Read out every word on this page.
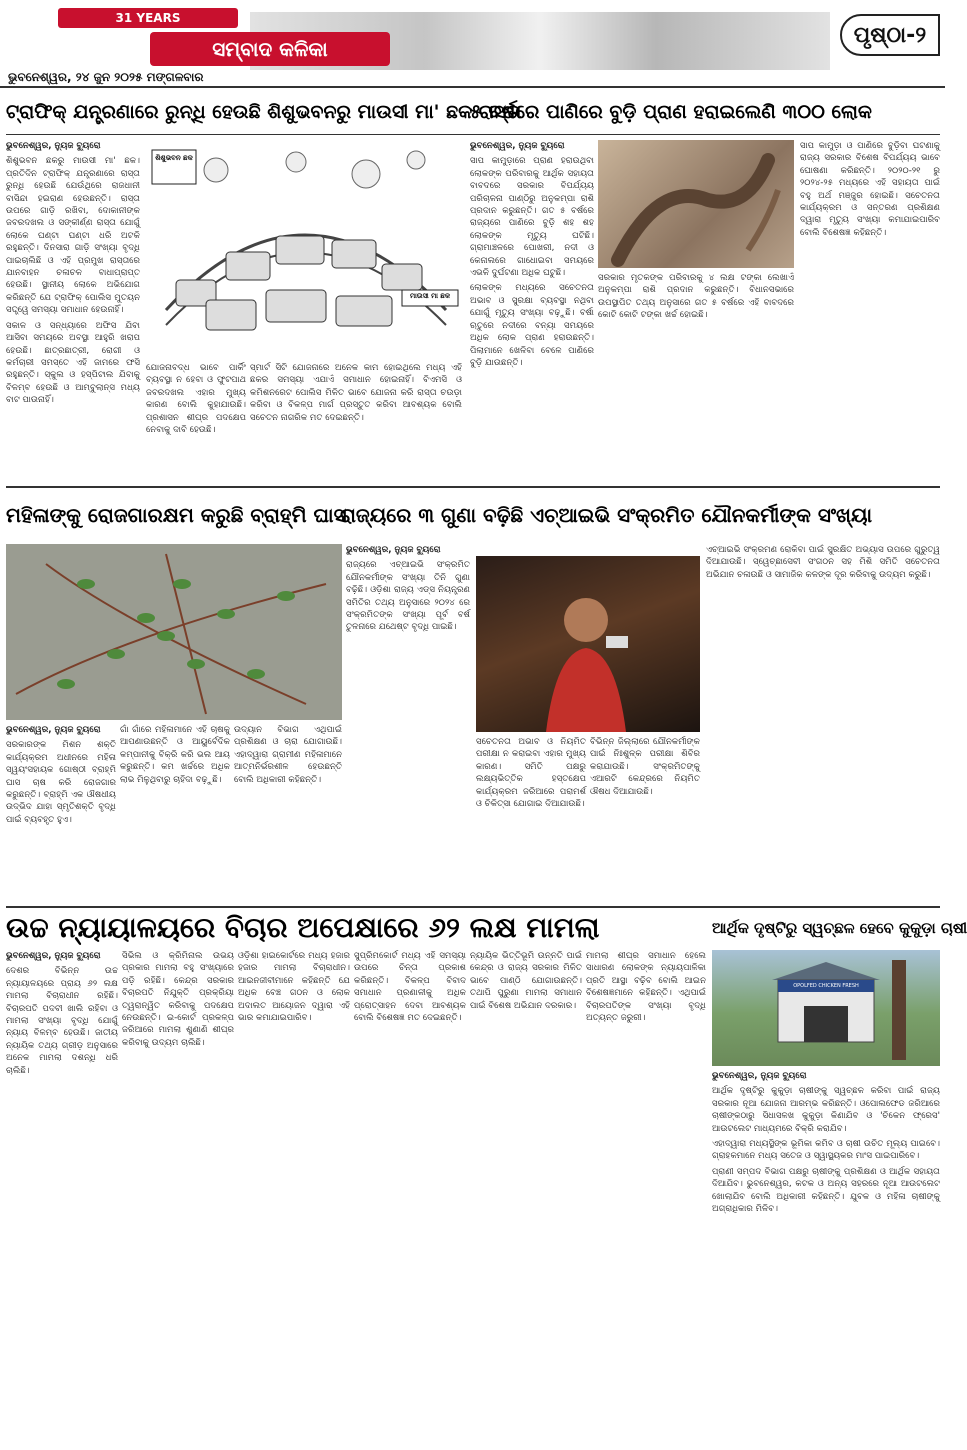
31 YEARS
ସମ୍ବାଦ କଳିକା
ଭୁବନେଶ୍ୱର, ୨୪ ଜୁନ ୨୦୨୫ ମଙ୍ଗଳବାର
ପୃଷ୍ଠା-୨
ଟ୍ରାଫିକ୍ ଯନ୍ତ୍ରଣାରେ ରୁନ୍ଧି ହେଉଛି ଶିଶୁଭବନରୁ ମାଉସୀ ମା' ଛକ ରାସ୍ତା
୫ ବର୍ଷରେ ପାଣିରେ ବୁଡ଼ି ପ୍ରାଣ ହରାଇଲେଣି ୩୦୦ ଲୋକ

ଭୁବନେଶ୍ୱର, ନ୍ୟୁଜ ବ୍ୟୁରୋ

ଶିଶୁଭବନ ଛକରୁ ମାଉସୀ ମା' ଛକ। ପ୍ରତିଦିନ ଟ୍ରାଫିକ୍ ଯନ୍ତ୍ରଣାରେ ରାସ୍ତା ରୁନ୍ଧି ହେଉଛି ଯେଉଁଥିରେ ରାଜଧାନୀ ବାସିନ୍ଦା ହଇରାଣ ହେଉଛନ୍ତି। ରାସ୍ତା ଉପରେ ଗାଡ଼ି ରଖିବା, ଦୋକାନୀଙ୍କ ଜବରଦଖଲ ଓ ସଙ୍କୀର୍ଣ୍ଣ ରାସ୍ତା ଯୋଗୁଁ ଲୋକେ ଘଣ୍ଟା ଘଣ୍ଟା ଧରି ଅଟକି ରହୁଛନ୍ତି। ଦିନସାରା ଗାଡ଼ି ସଂଖ୍ୟା ବୃଦ୍ଧି ପାଇଚାଲିଛି ଓ ଏହି ପ୍ରମୁଖ ରାସ୍ତାରେ ଯାନବାହନ ଚଳାଚଳ ବାଧାପ୍ରାପ୍ତ ହେଉଛି। ସ୍ଥାନୀୟ ଲୋକେ ଅଭିଯୋଗ କରିଛନ୍ତି ଯେ ଟ୍ରାଫିକ୍ ପୋଲିସ ମୁତୟନ ସତ୍ତ୍ୱେ ସମସ୍ୟା ସମାଧାନ ହେଉନାହିଁ।

ସକାଳ ଓ ସନ୍ଧ୍ୟାରେ ଅଫିସ ଯିବା ଆସିବା ସମୟରେ ଅବସ୍ଥା ଆହୁରି ଖରାପ ହେଉଛି। ଛାତ୍ରଛାତ୍ରୀ, ରୋଗୀ ଓ କର୍ମଚାରୀ ସମସ୍ତେ ଏହି ଜାମରେ ଫସି ରହୁଛନ୍ତି। ସ୍କୁଲ ଓ ହସ୍ପିଟାଲ ଯିବାକୁ ବିଳମ୍ବ ହେଉଛି ଓ ଆମ୍ବୁଲାନ୍ସ ମଧ୍ୟ ବାଟ ପାଉନାହିଁ।

ଶିଶୁଭବନ ଛକ
ମାଉସୀ ମା ଛକ

ଯୋଜନାବଦ୍ଧ ଭାବେ ପାର୍କିଂ ବ୍ୟବସ୍ଥା ନ ହେବା ଓ ଫୁଟପାଥ ଜବରଦଖଲ ଏହାର ମୁଖ୍ୟ କାରଣ ବୋଲି କୁହାଯାଉଛି। ପ୍ରଶାସନ ଶୀଘ୍ର ପଦକ୍ଷେପ ନେବାକୁ ଦାବି ହେଉଛି।

ସ୍ମାର୍ଟ ସିଟି ଯୋଜନାରେ ଅନେକ କାମ ହୋଇଥିଲେ ମଧ୍ୟ ଏହି ଛକର ସମସ୍ୟା ଏଯାଏଁ ସମାଧାନ ହୋଇନାହିଁ। ବିଏମସି ଓ କମିଶନରେଟ ପୋଲିସ ମିଳିତ ଭାବେ ଯୋଜନା କରି ରାସ୍ତା ଚଉଡ଼ା କରିବା ଓ ବିକଳ୍ପ ମାର୍ଗ ପ୍ରସ୍ତୁତ କରିବା ଆବଶ୍ୟକ ବୋଲି ସଚେତନ ନାଗରିକ ମତ ଦେଇଛନ୍ତି।

ଭୁବନେଶ୍ୱର, ନ୍ୟୁଜ ବ୍ୟୁରୋ

ସାପ କାମୁଡ଼ାରେ ପ୍ରାଣ ହରାଉଥିବା ଲୋକଙ୍କ ପରିବାରକୁ ଆର୍ଥିକ ସହାୟତା ବାବଦରେ ସରକାର ବିପର୍ଯ୍ୟୟ ପରିଚାଳନା ପାଣ୍ଠିରୁ ଅନୁକମ୍ପା ରାଶି ପ୍ରଦାନ କରୁଛନ୍ତି। ଗତ ୫ ବର୍ଷରେ ରାଜ୍ୟରେ ପାଣିରେ ବୁଡ଼ି ଶହ ଶହ ଲୋକଙ୍କ ମୃତ୍ୟୁ ଘଟିଛି। ଗ୍ରାମାଞ୍ଚଳରେ ପୋଖରୀ, ନଦୀ ଓ କେନାଲରେ ଗାଧୋଇବା ସମୟରେ ଏଭଳି ଦୁର୍ଘଟଣା ଅଧିକ ଘଟୁଛି।

ଲୋକଙ୍କ ମଧ୍ୟରେ ସଚେତନତା ଅଭାବ ଓ ସୁରକ୍ଷା ବ୍ୟବସ୍ଥା ନଥିବା ଯୋଗୁଁ ମୃତ୍ୟୁ ସଂଖ୍ୟା ବଢ଼ୁଛି। ବର୍ଷା ଋତୁରେ ନଦୀରେ ବନ୍ୟା ସମୟରେ ଅଧିକ ଲୋକ ପ୍ରାଣ ହରାଉଛନ୍ତି। ପିଲାମାନେ ଖେଳିବା ବେଳେ ପାଣିରେ ବୁଡ଼ି ଯାଉଛନ୍ତି।

ସରକାର ମୃତକଙ୍କ ପରିବାରକୁ ୪ ଲକ୍ଷ ଟଙ୍କା ଲେଖାଏଁ ଅନୁକମ୍ପା ରାଶି ପ୍ରଦାନ କରୁଛନ୍ତି। ବିଧାନସଭାରେ ଉପସ୍ଥାପିତ ତଥ୍ୟ ଅନୁସାରେ ଗତ ୫ ବର୍ଷରେ ଏହି ବାବଦରେ କୋଟି କୋଟି ଟଙ୍କା ଖର୍ଚ୍ଚ ହୋଇଛି।

ସାପ କାମୁଡ଼ା ଓ ପାଣିରେ ବୁଡ଼ିବା ଘଟଣାକୁ ରାଜ୍ୟ ସରକାର ବିଶେଷ ବିପର୍ଯ୍ୟୟ ଭାବେ ଘୋଷଣା କରିଛନ୍ତି। ୨୦୨୦-୨୧ ରୁ ୨୦୨୪-୨୫ ମଧ୍ୟରେ ଏହି ସହାୟତା ପାଇଁ ବହୁ ଅର୍ଥ ମଞ୍ଜୁର ହୋଇଛି। ସଚେତନତା କାର୍ଯ୍ୟକ୍ରମ ଓ ସନ୍ତରଣ ପ୍ରଶିକ୍ଷଣ ଦ୍ୱାରା ମୃତ୍ୟୁ ସଂଖ୍ୟା କମାଯାଇପାରିବ ବୋଲି ବିଶେଷଜ୍ଞ କହିଛନ୍ତି।

ମହିଳାଙ୍କୁ ରୋଜଗାରକ୍ଷମ କରୁଛି ବ୍ରାହ୍ମି ଘାସ
ରାଜ୍ୟରେ ୩ ଗୁଣା ବଢ଼ିଛି ଏଚ୍ଆଇଭି ସଂକ୍ରମିତ ଯୌନକର୍ମୀଙ୍କ ସଂଖ୍ୟା

ଭୁବନେଶ୍ୱର, ନ୍ୟୁଜ ବ୍ୟୁରୋ

ସରକାରଙ୍କ ମିଶନ ଶକ୍ତି କାର୍ଯ୍ୟକ୍ରମ ଅଧୀନରେ ମହିଳା ସ୍ୱୟଂସହାୟକ ଗୋଷ୍ଠୀ ବ୍ରାହ୍ମି ଘାସ ଚାଷ କରି ରୋଜଗାର କରୁଛନ୍ତି। ବ୍ରାହ୍ମି ଏକ ଔଷଧୀୟ ଉଦ୍ଭିଦ ଯାହା ସ୍ମୃତିଶକ୍ତି ବୃଦ୍ଧି ପାଇଁ ବ୍ୟବହୃତ ହୁଏ।

ଗାଁ ଗାଁରେ ମହିଳାମାନେ ଏହି ଚାଷକୁ ଆପଣାଉଛନ୍ତି ଓ ଆୟୁର୍ବେଦିକ କମ୍ପାନୀକୁ ବିକ୍ରି କରି ଭଲ ଆୟ କରୁଛନ୍ତି। କମ ଖର୍ଚ୍ଚରେ ଅଧିକ ଲାଭ ମିଳୁଥିବାରୁ ଚାହିଦା ବଢ଼ୁଛି।

ଉଦ୍ୟାନ ବିଭାଗ ଏଥିପାଇଁ ପ୍ରଶିକ୍ଷଣ ଓ ଚାରା ଯୋଗାଉଛି। ଏହାଦ୍ୱାରା ଗ୍ରାମୀଣ ମହିଳାମାନେ ଆତ୍ମନିର୍ଭରଶୀଳ ହେଉଛନ୍ତି ବୋଲି ଅଧିକାରୀ କହିଛନ୍ତି।

ଭୁବନେଶ୍ୱର, ନ୍ୟୁଜ ବ୍ୟୁରୋ

ରାଜ୍ୟରେ ଏଚ୍ଆଇଭି ସଂକ୍ରମିତ ଯୌନକର୍ମୀଙ୍କ ସଂଖ୍ୟା ତିନି ଗୁଣା ବଢ଼ିଛି। ଓଡ଼ିଶା ରାଜ୍ୟ ଏଡ୍ସ ନିୟନ୍ତ୍ରଣ ସମିତିର ତଥ୍ୟ ଅନୁସାରେ ୨୦୨୪ ରେ ସଂକ୍ରମିତଙ୍କ ସଂଖ୍ୟା ପୂର୍ବ ବର୍ଷ ତୁଳନାରେ ଯଥେଷ୍ଟ ବୃଦ୍ଧି ପାଇଛି।

ସଚେତନତା ଅଭାବ ଓ ନିୟମିତ ପରୀକ୍ଷା ନ କରାଇବା ଏହାର ମୁଖ୍ୟ କାରଣ। ସମିତି ପକ୍ଷରୁ ଲକ୍ଷ୍ୟଭିତ୍ତିକ ହସ୍ତକ୍ଷେପ କାର୍ଯ୍ୟକ୍ରମ ଜରିଆରେ ପରାମର୍ଶ ଓ ଚିକିତ୍ସା ଯୋଗାଇ ଦିଆଯାଉଛି।

ବିଭିନ୍ନ ଜିଲ୍ଲାରେ ଯୌନକର୍ମୀଙ୍କ ପାଇଁ ନିଃଶୁଳ୍କ ପରୀକ୍ଷା ଶିବିର କରାଯାଉଛି। ସଂକ୍ରମିତଙ୍କୁ ଏଆରଟି କେନ୍ଦ୍ରରେ ନିୟମିତ ଔଷଧ ଦିଆଯାଉଛି।

ଏଚ୍ଆଇଭି ସଂକ୍ରମଣ ରୋକିବା ପାଇଁ ସୁରକ୍ଷିତ ଅଭ୍ୟାସ ଉପରେ ଗୁରୁତ୍ୱ ଦିଆଯାଉଛି। ସ୍ୱେଚ୍ଛାସେବୀ ସଂଗଠନ ସହ ମିଶି ସମିତି ସଚେତନତା ଅଭିଯାନ ଚଳାଉଛି ଓ ସାମାଜିକ କଳଙ୍କ ଦୂର କରିବାକୁ ଉଦ୍ୟମ କରୁଛି।

ଉଚ୍ଚ ନ୍ୟାୟାଳୟରେ ବିଚାର ଅପେକ୍ଷାରେ ୬୨ ଲକ୍ଷ ମାମଲା	ଆର୍ଥିକ ଦୃଷ୍ଟିରୁ ସ୍ୱଚ୍ଛଳ ହେବେ କୁକୁଡ଼ା ଚାଷୀ

ଭୁବନେଶ୍ୱର, ନ୍ୟୁଜ ବ୍ୟୁରୋ

ଦେଶର ବିଭିନ୍ନ ଉଚ୍ଚ ନ୍ୟାୟାଳୟରେ ପ୍ରାୟ ୬୨ ଲକ୍ଷ ମାମଲା ବିଚାରାଧୀନ ରହିଛି। ବିଚାରପତି ପଦବୀ ଖାଲି ରହିବା ଓ ମାମଲା ସଂଖ୍ୟା ବୃଦ୍ଧି ଯୋଗୁଁ ନ୍ୟାୟ ବିଳମ୍ବ ହେଉଛି। ଜାତୀୟ ନ୍ୟାୟିକ ତଥ୍ୟ ଗ୍ରୀଡ଼ ଅନୁସାରେ ଅନେକ ମାମଲା ଦଶନ୍ଧି ଧରି ଚାଲିଛି।

ସିଭିଲ ଓ କ୍ରିମିନାଲ ଉଭୟ ପ୍ରକାର ମାମଲା ବହୁ ସଂଖ୍ୟାରେ ପଡ଼ି ରହିଛି। କେନ୍ଦ୍ର ସରକାର ବିଚାରପତି ନିଯୁକ୍ତି ପ୍ରକ୍ରିୟା ତ୍ୱରାନ୍ୱିତ କରିବାକୁ ପଦକ୍ଷେପ ନେଉଛନ୍ତି। ଇ-କୋର୍ଟ ପ୍ରକଳ୍ପ ଜରିଆରେ ମାମଲା ଶୁଣାଣି ଶୀଘ୍ର କରିବାକୁ ଉଦ୍ୟମ ଚାଲିଛି।

ଓଡ଼ିଶା ହାଇକୋର୍ଟରେ ମଧ୍ୟ ହଜାର ହଜାର ମାମଲା ବିଚାରାଧୀନ। ଆଇନଜୀବୀମାନେ କହିଛନ୍ତି ଯେ ଅଧିକ ବେଞ୍ଚ ଗଠନ ଓ ଲୋକ ଅଦାଲତ ଆୟୋଜନ ଦ୍ୱାରା ଏହି ଭାର କମାଯାଇପାରିବ।

ସୁପ୍ରିମକୋର୍ଟ ମଧ୍ୟ ଏହି ସମସ୍ୟା ଉପରେ ଚିନ୍ତା ପ୍ରକାଶ କରିଛନ୍ତି। ବିକଳ୍ପ ବିବାଦ ସମାଧାନ ପ୍ରଣାଳୀକୁ ଅଧିକ ପ୍ରୋତ୍ସାହନ ଦେବା ଆବଶ୍ୟକ ବୋଲି ବିଶେଷଜ୍ଞ ମତ ଦେଇଛନ୍ତି।

ନ୍ୟାୟିକ ଭିତ୍ତିଭୂମି ଉନ୍ନତି ପାଇଁ କେନ୍ଦ୍ର ଓ ରାଜ୍ୟ ସରକାର ମିଳିତ ଭାବେ ପାଣ୍ଠି ଯୋଗାଉଛନ୍ତି। ତଥାପି ପୁରୁଣା ମାମଲା ସମାଧାନ ପାଇଁ ବିଶେଷ ଅଭିଯାନ ଦରକାର।

ମାମଲା ଶୀଘ୍ର ସମାଧାନ ହେଲେ ସାଧାରଣ ଲୋକଙ୍କ ନ୍ୟାୟପାଳିକା ପ୍ରତି ଆସ୍ଥା ବଢ଼ିବ ବୋଲି ଆଇନ ବିଶେଷଜ୍ଞମାନେ କହିଛନ୍ତି। ଏଥିପାଇଁ ବିଚାରପତିଙ୍କ ସଂଖ୍ୟା ବୃଦ୍ଧି ଅତ୍ୟନ୍ତ ଜରୁରୀ।

OPOLFED CHICKEN FRESH

ଭୁବନେଶ୍ୱର, ନ୍ୟୁଜ ବ୍ୟୁରୋ

ଆର୍ଥିକ ଦୃଷ୍ଟିରୁ କୁକୁଡ଼ା ଚାଷୀଙ୍କୁ ସ୍ୱଚ୍ଛଳ କରିବା ପାଇଁ ରାଜ୍ୟ ସରକାର ନୂଆ ଯୋଜନା ଆରମ୍ଭ କରିଛନ୍ତି। ଓପୋଲଫେଡ ଜରିଆରେ ଚାଷୀଙ୍କଠାରୁ ସିଧାସଳଖ କୁକୁଡ଼ା କିଣାଯିବ ଓ 'ଚିକେନ ଫ୍ରେସ' ଆଉଟଲେଟ ମାଧ୍ୟମରେ ବିକ୍ରି କରାଯିବ।

ଏହାଦ୍ୱାରା ମଧ୍ୟସ୍ଥିଙ୍କ ଭୂମିକା କମିବ ଓ ଚାଷୀ ଉଚିତ ମୂଲ୍ୟ ପାଇବେ। ଗ୍ରାହକମାନେ ମଧ୍ୟ ସତେଜ ଓ ସ୍ୱାସ୍ଥ୍ୟକର ମାଂସ ପାଇପାରିବେ।

ପ୍ରାଣୀ ସମ୍ପଦ ବିଭାଗ ପକ୍ଷରୁ ଚାଷୀଙ୍କୁ ପ୍ରଶିକ୍ଷଣ ଓ ଆର୍ଥିକ ସହାୟତା ଦିଆଯିବ। ଭୁବନେଶ୍ୱର, କଟକ ଓ ଅନ୍ୟ ସହରରେ ନୂଆ ଆଉଟଲେଟ ଖୋଲାଯିବ ବୋଲି ଅଧିକାରୀ କହିଛନ୍ତି। ଯୁବକ ଓ ମହିଳା ଚାଷୀଙ୍କୁ ଅଗ୍ରାଧିକାର ମିଳିବ।
